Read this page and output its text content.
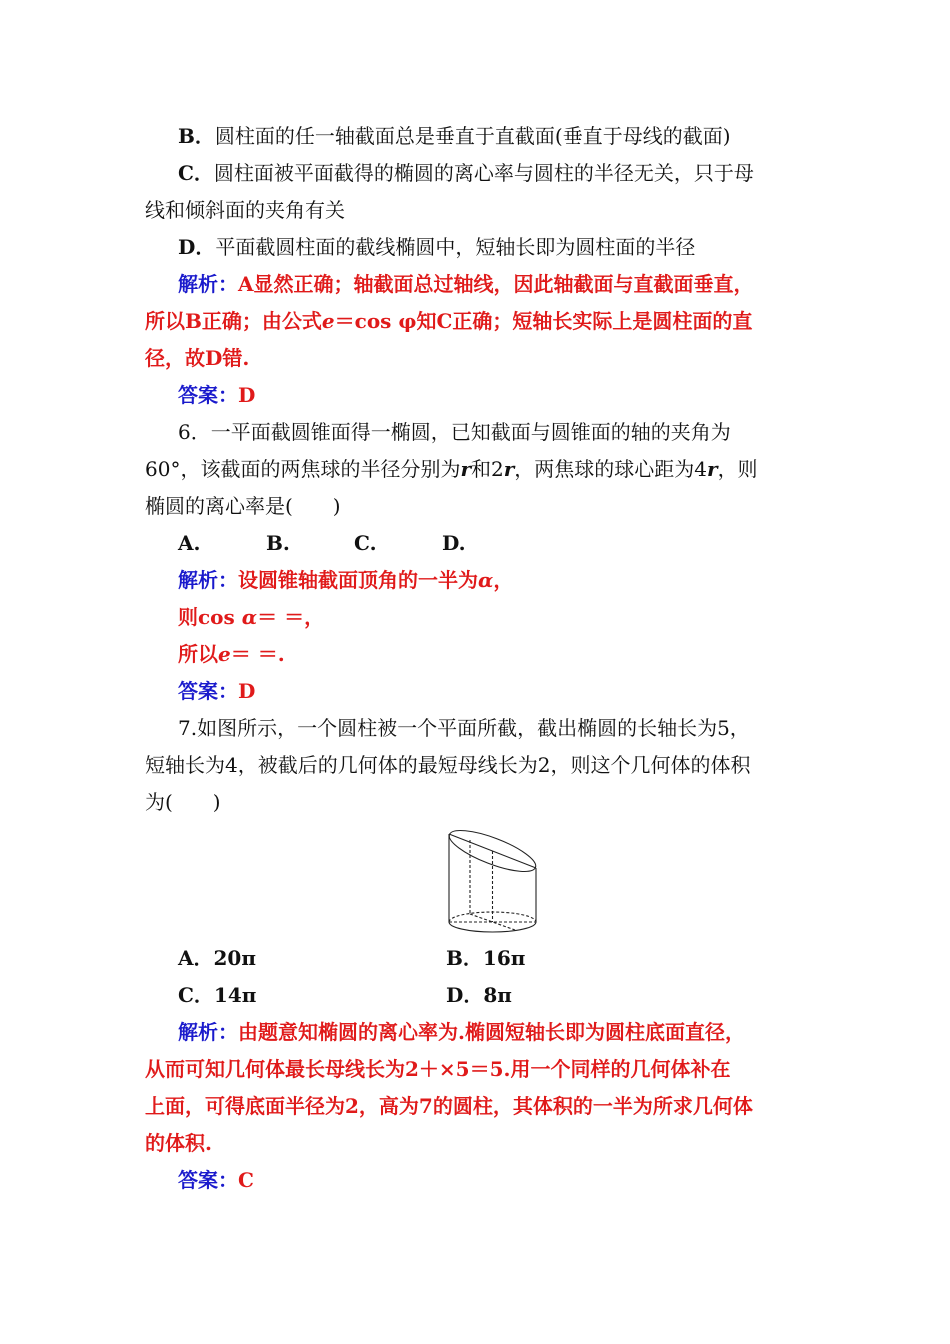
B．圆柱面的任一轴截面总是垂直于直截面(垂直于母线的截面)
C．圆柱面被平面截得的椭圆的离心率与圆柱的半径无关，只于母
线和倾斜面的夹角有关
D．平面截圆柱面的截线椭圆中，短轴长即为圆柱面的半径
解析：A显然正确；轴截面总过轴线，因此轴截面与直截面垂直，
所以B正确；由公式e＝cos φ知C正确；短轴长实际上是圆柱面的直
径，故D错.
答案：D
6．一平面截圆锥面得一椭圆，已知截面与圆锥面的轴的夹角为
60°，该截面的两焦球的半径分别为r和2r，两焦球的球心距为4r，则
椭圆的离心率是(　　)
A.	B.	C.	D.
解析：设圆锥轴截面顶角的一半为α，
则cos α＝ ＝，
所以e＝ ＝.
答案：D
7.如图所示，一个圆柱被一个平面所截，截出椭圆的长轴长为5，
短轴长为4，被截后的几何体的最短母线长为2，则这个几何体的体积
为(　　)
A．20π	B．16π
C．14π	D．8π
解析：由题意知椭圆的离心率为.椭圆短轴长即为圆柱底面直径，
从而可知几何体最长母线长为2＋×5＝5.用一个同样的几何体补在
上面，可得底面半径为2，高为7的圆柱，其体积的一半为所求几何体
的体积.
答案：C
